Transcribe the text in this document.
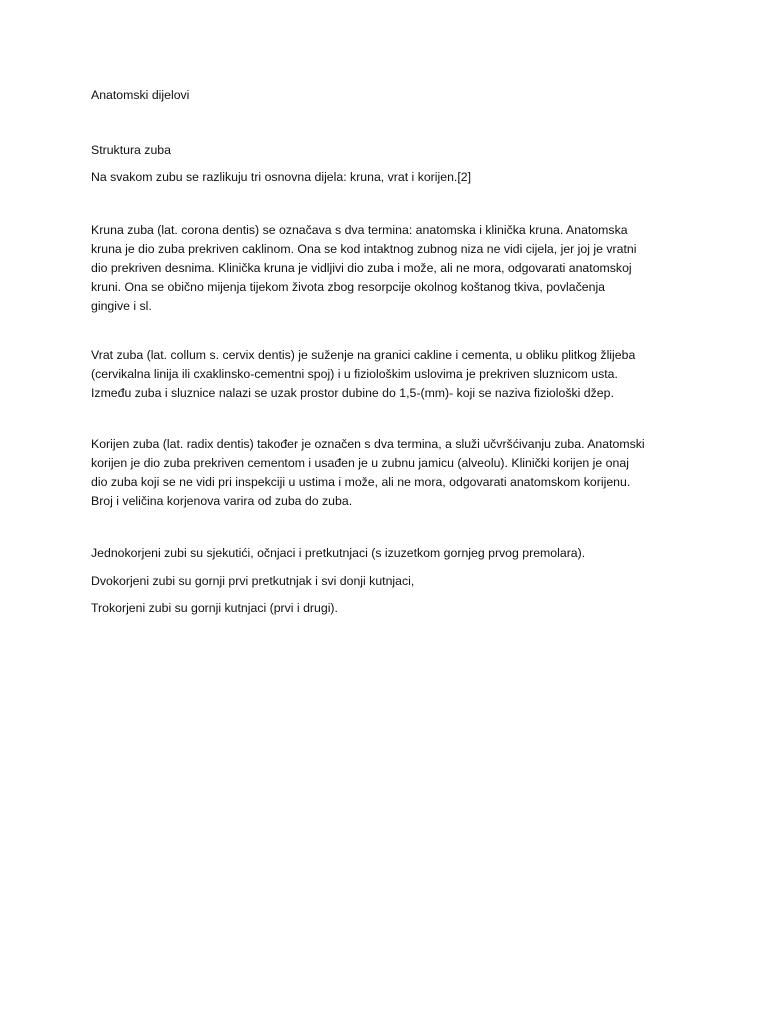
Anatomski dijelovi

Struktura zuba

Na svakom zubu se razlikuju tri osnovna dijela: kruna, vrat i korijen.[2]

Kruna zuba (lat. corona dentis) se označava s dva termina: anatomska i klinička kruna. Anatomska
kruna je dio zuba prekriven caklinom. Ona se kod intaktnog zubnog niza ne vidi cijela, jer joj je vratni
dio prekriven desnima. Klinička kruna je vidljivi dio zuba i može, ali ne mora, odgovarati anatomskoj
kruni. Ona se obično mijenja tijekom života zbog resorpcije okolnog koštanog tkiva, povlačenja
gingive i sl.
Vrat zuba (lat. collum s. cervix dentis) je suženje na granici cakline i cementa, u obliku plitkog žlijeba
(cervikalna linija ili cxaklinsko-cementni spoj) i u fiziološkim uslovima je prekriven sluznicom usta.
Između zuba i sluznice nalazi se uzak prostor dubine do 1,5-(mm)- koji se naziva fiziološki džep.
Korijen zuba (lat. radix dentis) također je označen s dva termina, a služi učvršćivanju zuba. Anatomski
korijen je dio zuba prekriven cementom i usađen je u zubnu jamicu (alveolu). Klinički korijen je onaj
dio zuba koji se ne vidi pri inspekciji u ustima i može, ali ne mora, odgovarati anatomskom korijenu.
Broj i veličina korjenova varira od zuba do zuba.

Jednokorjeni zubi su sjekutići, očnjaci i pretkutnjaci (s izuzetkom gornjeg prvog premolara).

Dvokorjeni zubi su gornji prvi pretkutnjak i svi donji kutnjaci,

Trokorjeni zubi su gornji kutnjaci (prvi i drugi).
